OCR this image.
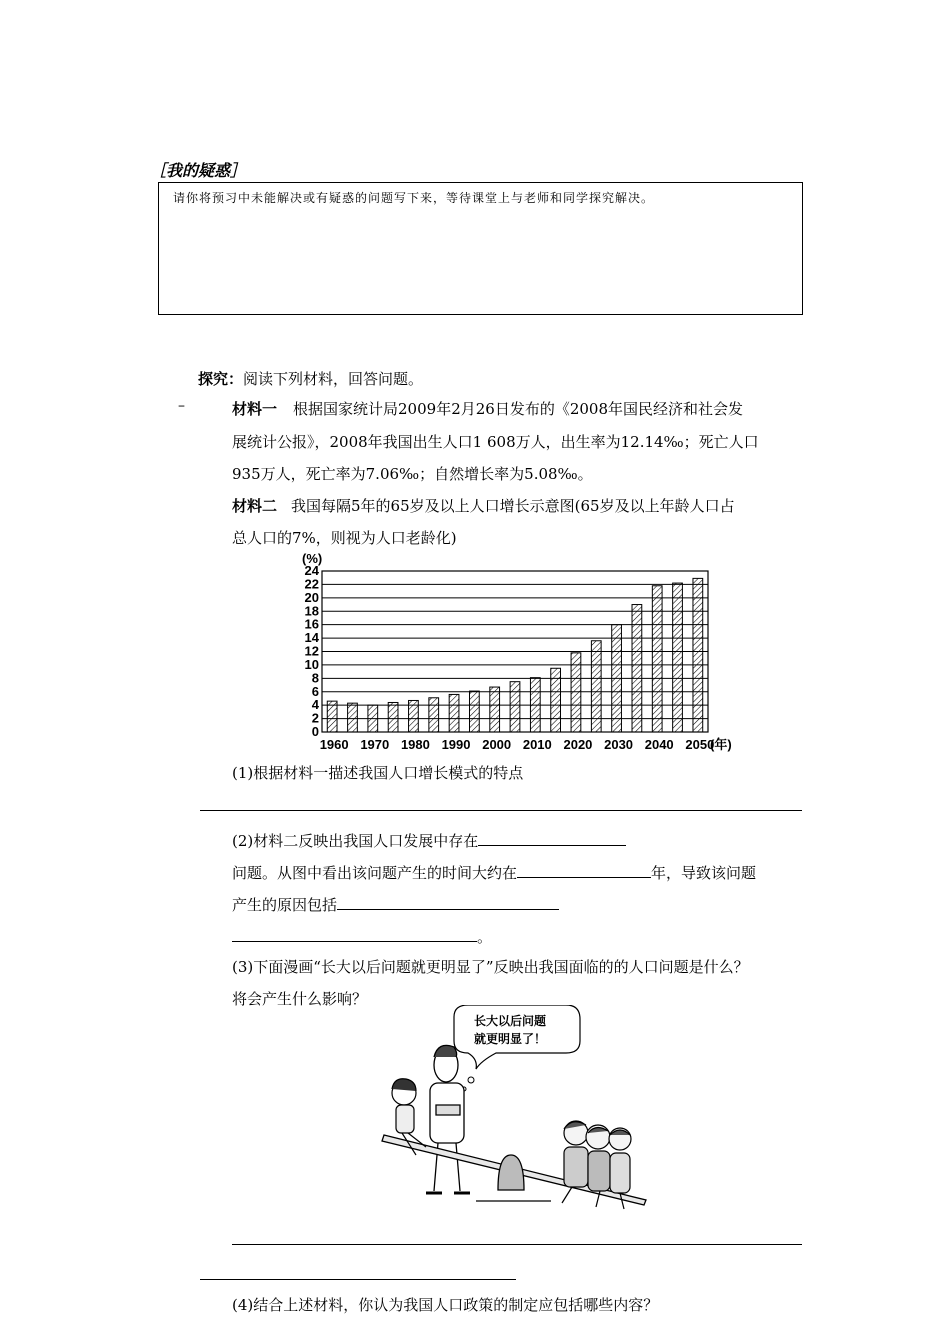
［我的疑惑］
请你将预习中未能解决或有疑惑的问题写下来，等待课堂上与老师和同学探究解决。
探究：阅读下列材料，回答问题。
–	材料一 根据国家统计局2009年2月26日发布的《2008年国民经济和社会发
展统计公报》，2008年我国出生人口1 608万人，出生率为12.14‰；死亡人口
935万人，死亡率为7.06‰；自然增长率为5.08‰。
材料二 我国每隔5年的65岁及以上人口增长示意图(65岁及以上年龄人口占
总人口的7%，则视为人口老龄化)
0
2
4
6
8
10
12
14
16
18
20
22
24
1960 1970 1980 1990 2000 2010 2020 2030 2040 2050
(年)
(%)
(1)根据材料一描述我国人口增长模式的特点
(2)材料二反映出我国人口发展中存在
问题。从图中看出该问题产生的时间大约在	年，导致该问题
产生的原因包括
。
(3)下面漫画“长大以后问题就更明显了”反映出我国面临的的人口问题是什么？
将会产生什么影响？
长大以后问题
就更明显了！
(4)结合上述材料，你认为我国人口政策的制定应包括哪些内容？
